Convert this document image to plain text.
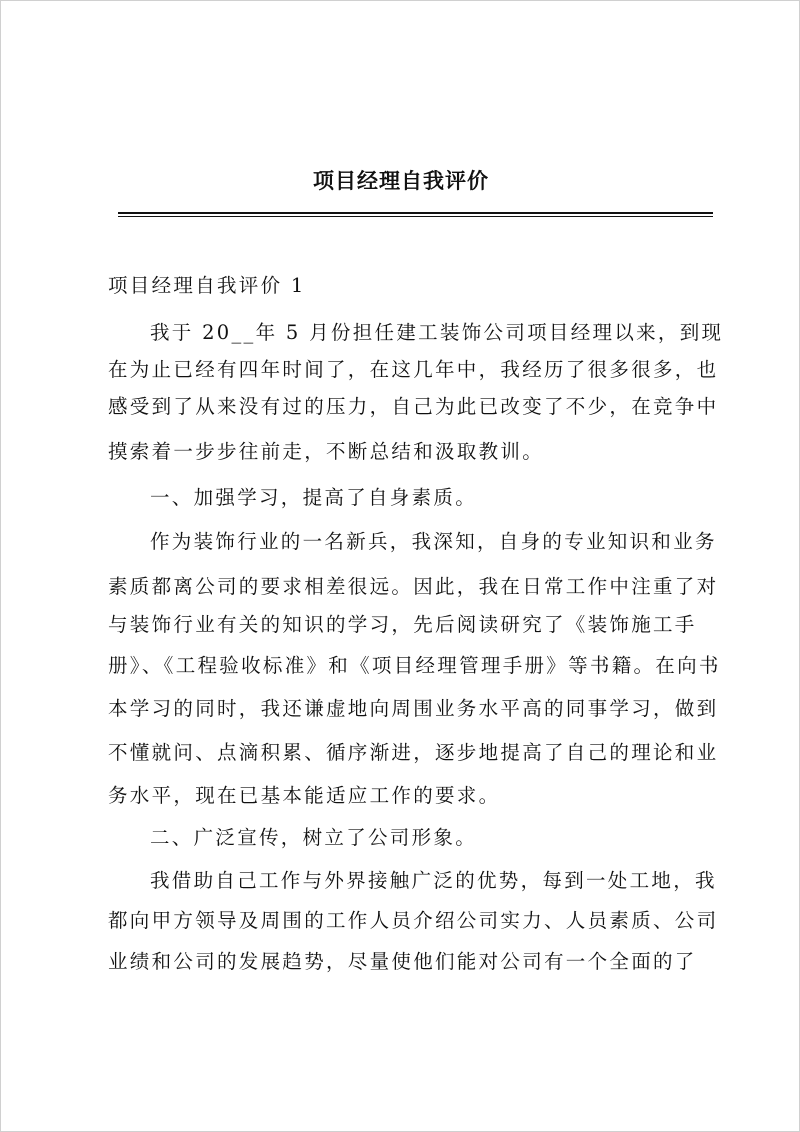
项目经理自我评价
项目经理自我评价 1
我于 20__年 5 月份担任建工装饰公司项目经理以来，到现
在为止已经有四年时间了，在这几年中，我经历了很多很多，也
感受到了从来没有过的压力，自己为此已改变了不少，在竞争中
摸索着一步步往前走，不断总结和汲取教训。
一、加强学习，提高了自身素质。
作为装饰行业的一名新兵，我深知，自身的专业知识和业务
素质都离公司的要求相差很远。因此，我在日常工作中注重了对
与装饰行业有关的知识的学习，先后阅读研究了《装饰施工手
册》、《工程验收标准》和《项目经理管理手册》等书籍。在向书
本学习的同时，我还谦虚地向周围业务水平高的同事学习，做到
不懂就问、点滴积累、循序渐进，逐步地提高了自己的理论和业
务水平，现在已基本能适应工作的要求。
二、广泛宣传，树立了公司形象。
我借助自己工作与外界接触广泛的优势，每到一处工地，我
都向甲方领导及周围的工作人员介绍公司实力、人员素质、公司
业绩和公司的发展趋势，尽量使他们能对公司有一个全面的了
